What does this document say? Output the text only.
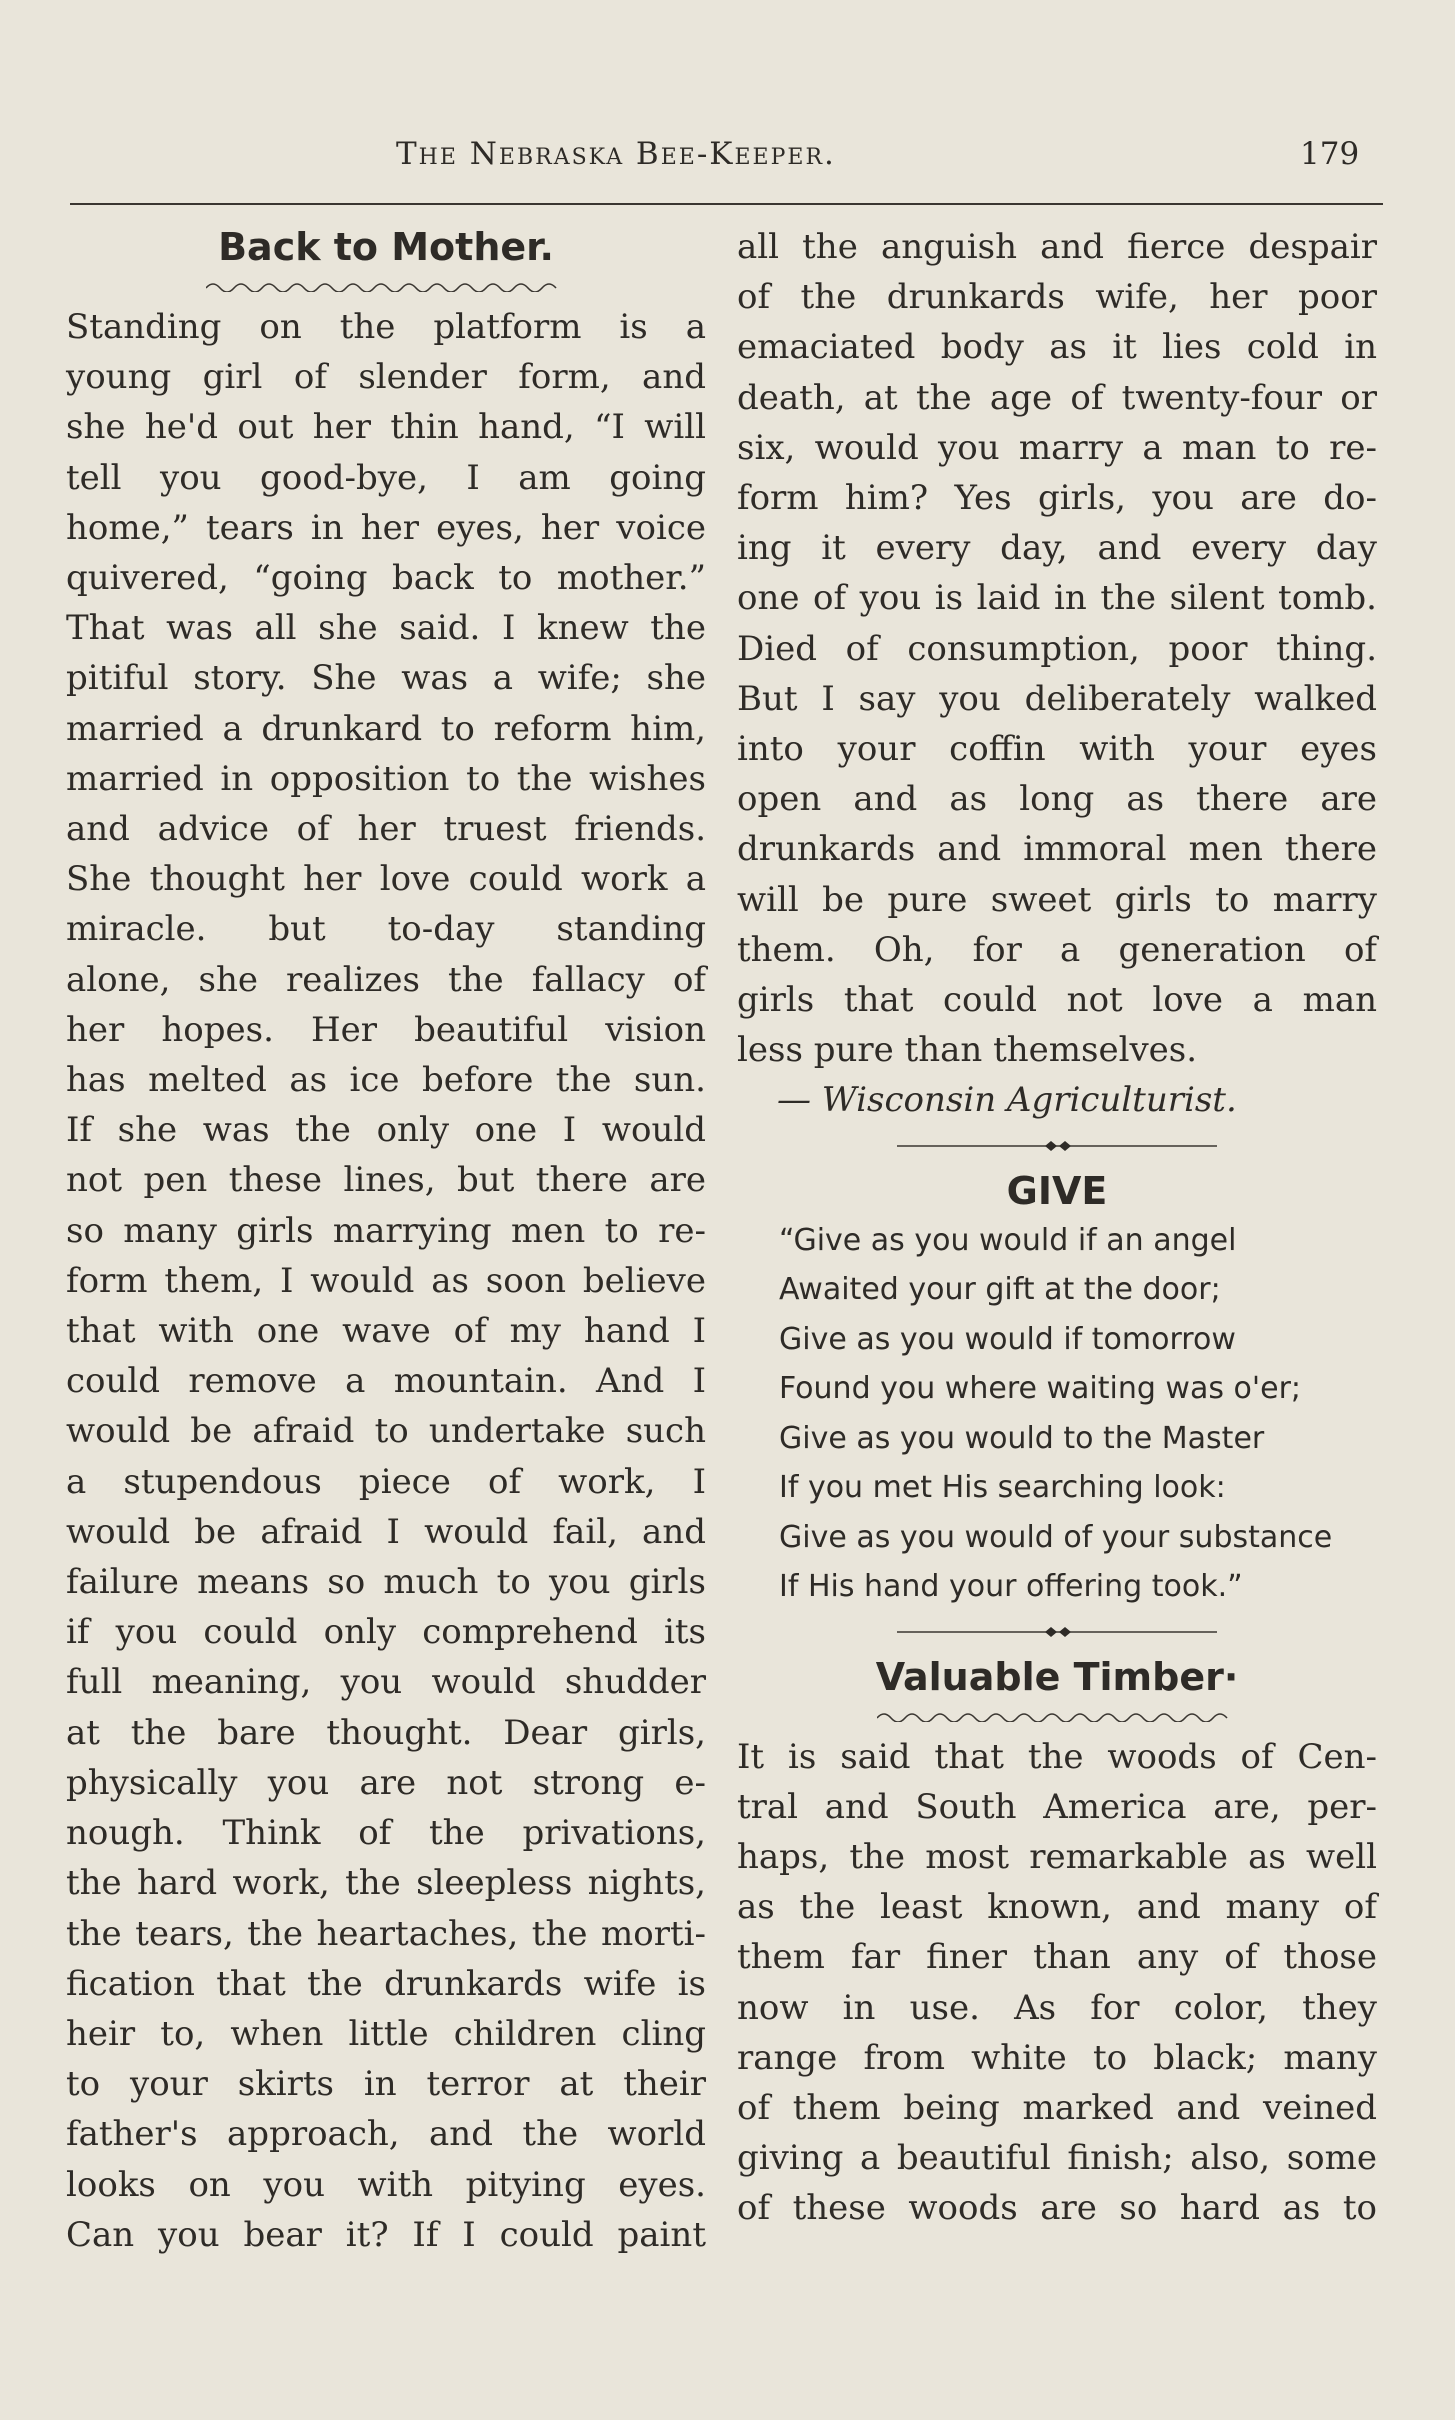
The Nebraska Bee-Keeper.	179
Back to Mother.
Standing on the platform is a
young girl of slender form, and
she he'd out her thin hand, “I will
tell you good-bye, I am going
home,” tears in her eyes, her voice
quivered, “going back to mother.”
That was all she said. I knew the
pitiful story. She was a wife; she
married a drunkard to reform him,
married in opposition to the wishes
and advice of her truest friends.
She thought her love could work a
miracle. but to-day standing
alone, she realizes the fallacy of
her hopes. Her beautiful vision
has melted as ice before the sun.
If she was the only one I would
not pen these lines, but there are
so many girls marrying men to re-
form them, I would as soon believe
that with one wave of my hand I
could remove a mountain. And I
would be afraid to undertake such
a stupendous piece of work, I
would be afraid I would fail, and
failure means so much to you girls
if you could only comprehend its
full meaning, you would shudder
at the bare thought. Dear girls,
physically you are not strong e-
nough. Think of the privations,
the hard work, the sleepless nights,
the tears, the heartaches, the morti-
fication that the drunkards wife is
heir to, when little children cling
to your skirts in terror at their
father's approach, and the world
looks on you with pitying eyes.
Can you bear it? If I could paint
all the anguish and fierce despair
of the drunkards wife, her poor
emaciated body as it lies cold in
death, at the age of twenty-four or
six, would you marry a man to re-
form him? Yes girls, you are do-
ing it every day, and every day
one of you is laid in the silent tomb.
Died of consumption, poor thing.
But I say you deliberately walked
into your coffin with your eyes
open and as long as there are
drunkards and immoral men there
will be pure sweet girls to marry
them. Oh, for a generation of
girls that could not love a man
less pure than themselves.
— Wisconsin Agriculturist.
GIVE
“Give as you would if an angel
Awaited your gift at the door;
Give as you would if tomorrow
Found you where waiting was o'er;
Give as you would to the Master
If you met His searching look:
Give as you would of your substance
If His hand your offering took.”
Valuable Timber·
It is said that the woods of Cen-
tral and South America are, per-
haps, the most remarkable as well
as the least known, and many of
them far finer than any of those
now in use. As for color, they
range from white to black; many
of them being marked and veined
giving a beautiful finish; also, some
of these woods are so hard as to
